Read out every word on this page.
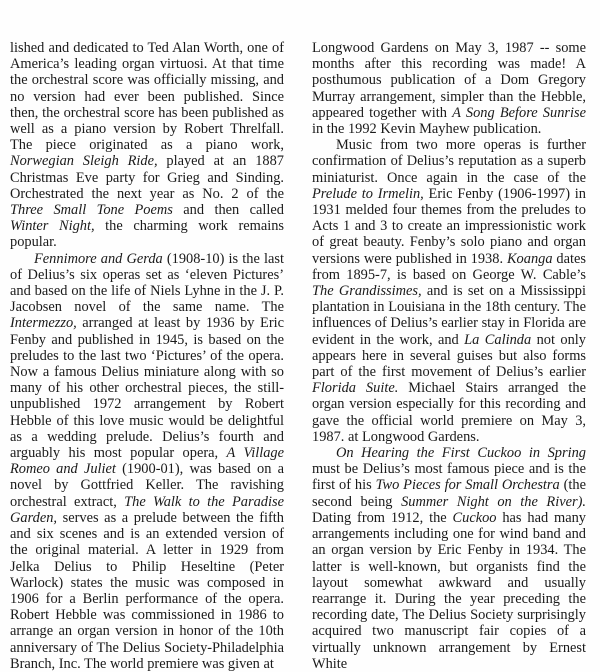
lished and dedicated to Ted Alan Worth, one of America’s leading organ virtuosi. At that time the orchestral score was officially missing, and no version had ever been published. Since then, the orchestral score has been published as well as a piano version by Robert Threlfall. The piece originated as a piano work, Norwegian Sleigh Ride, played at an 1887 Christmas Eve party for Grieg and Sinding. Orchestrated the next year as No. 2 of the Three Small Tone Poems and then called Winter Night, the charming work remains popular.

Fennimore and Gerda (1908-10) is the last of Delius’s six operas set as ‘eleven Pictures’ and based on the life of Niels Lyhne in the J. P. Jacobsen novel of the same name. The Intermezzo, arranged at least by 1936 by Eric Fenby and published in 1945, is based on the preludes to the last two ‘Pictures’ of the opera. Now a famous Delius miniature along with so many of his other orchestral pieces, the still-unpublished 1972 arrangement by Robert Hebble of this love music would be delightful as a wedding prelude. Delius’s fourth and arguably his most popular opera, A Village Romeo and Juliet (1900-01), was based on a novel by Gottfried Keller. The ravishing orchestral extract, The Walk to the Paradise Garden, serves as a prelude between the fifth and six scenes and is an extended version of the original material. A letter in 1929 from Jelka Delius to Philip Heseltine (Peter Warlock) states the music was composed in 1906 for a Berlin performance of the opera. Robert Hebble was commissioned in 1986 to arrange an organ version in honor of the 10th anniversary of The Delius Society-Philadelphia Branch, Inc. The world premiere was given at

Longwood Gardens on May 3, 1987 -- some months after this recording was made! A posthumous publication of a Dom Gregory Murray arrangement, simpler than the Hebble, appeared together with A Song Before Sunrise in the 1992 Kevin Mayhew publication.

Music from two more operas is further confirmation of Delius’s reputation as a superb miniaturist. Once again in the case of the Prelude to Irmelin, Eric Fenby (1906-1997) in 1931 melded four themes from the preludes to Acts 1 and 3 to create an impressionistic work of great beauty. Fenby’s solo piano and organ versions were published in 1938. Koanga dates from 1895-7, is based on George W. Cable’s The Grandissimes, and is set on a Mississippi plantation in Louisiana in the 18th century. The influences of Delius’s earlier stay in Florida are evident in the work, and La Calinda not only appears here in several guises but also forms part of the first movement of Delius’s earlier Florida Suite. Michael Stairs arranged the organ version especially for this recording and gave the official world premiere on May 3, 1987. at Longwood Gardens.

On Hearing the First Cuckoo in Spring must be Delius’s most famous piece and is the first of his Two Pieces for Small Orchestra (the second being Summer Night on the River). Dating from 1912, the Cuckoo has had many arrangements including one for wind band and an organ version by Eric Fenby in 1934. The latter is well-known, but organists find the layout somewhat awkward and usually rearrange it. During the year preceding the recording date, The Delius Society surprisingly acquired two manuscript fair copies of a virtually unknown arrangement by Ernest White
